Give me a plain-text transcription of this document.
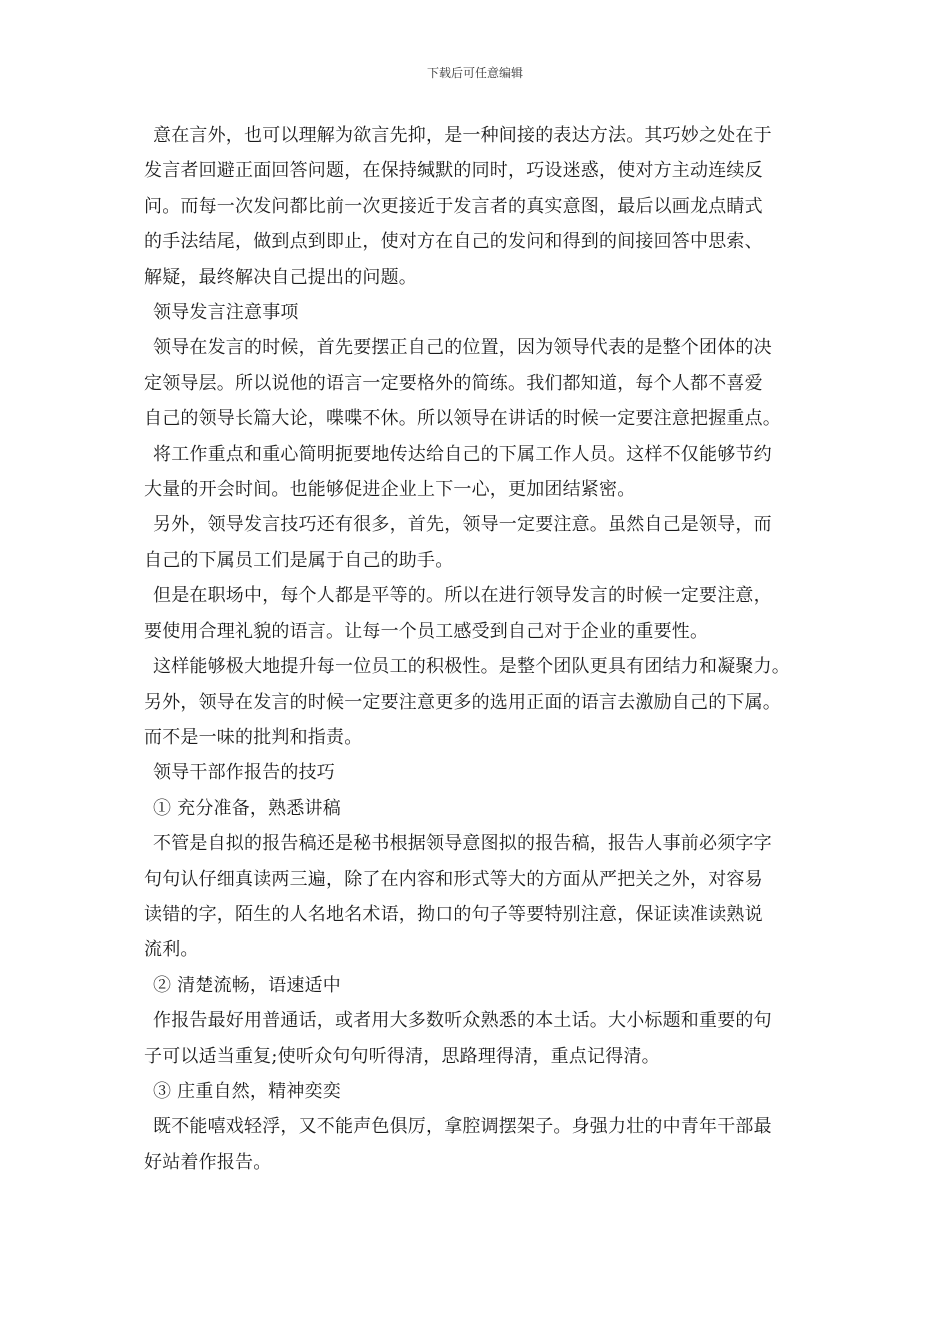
下载后可任意编辑

意在言外，也可以理解为欲言先抑，是一种间接的表达方法。其巧妙之处在于
发言者回避正面回答问题，在保持缄默的同时，巧设迷惑，使对方主动连续反
问。而每一次发问都比前一次更接近于发言者的真实意图，最后以画龙点睛式
的手法结尾，做到点到即止，使对方在自己的发问和得到的间接回答中思索、
解疑，最终解决自己提出的问题。

领导发言注意事项

领导在发言的时候，首先要摆正自己的位置，因为领导代表的是整个团体的决
定领导层。所以说他的语言一定要格外的简练。我们都知道，每个人都不喜爱
自己的领导长篇大论，喋喋不休。所以领导在讲话的时候一定要注意把握重点。

将工作重点和重心简明扼要地传达给自己的下属工作人员。这样不仅能够节约
大量的开会时间。也能够促进企业上下一心，更加团结紧密。

另外，领导发言技巧还有很多，首先，领导一定要注意。虽然自己是领导，而
自己的下属员工们是属于自己的助手。

但是在职场中，每个人都是平等的。所以在进行领导发言的时候一定要注意，
要使用合理礼貌的语言。让每一个员工感受到自己对于企业的重要性。

这样能够极大地提升每一位员工的积极性。是整个团队更具有团结力和凝聚力。
另外，领导在发言的时候一定要注意更多的选用正面的语言去激励自己的下属。
而不是一味的批判和指责。

领导干部作报告的技巧

① 充分准备，熟悉讲稿

不管是自拟的报告稿还是秘书根据领导意图拟的报告稿，报告人事前必须字字
句句认仔细真读两三遍，除了在内容和形式等大的方面从严把关之外，对容易
读错的字，陌生的人名地名术语，拗口的句子等要特别注意，保证读准读熟说
流利。

② 清楚流畅，语速适中

作报告最好用普通话，或者用大多数听众熟悉的本土话。大小标题和重要的句
子可以适当重复;使听众句句听得清，思路理得清，重点记得清。

③ 庄重自然，精神奕奕

既不能嘻戏轻浮，又不能声色俱厉，拿腔调摆架子。身强力壮的中青年干部最
好站着作报告。
